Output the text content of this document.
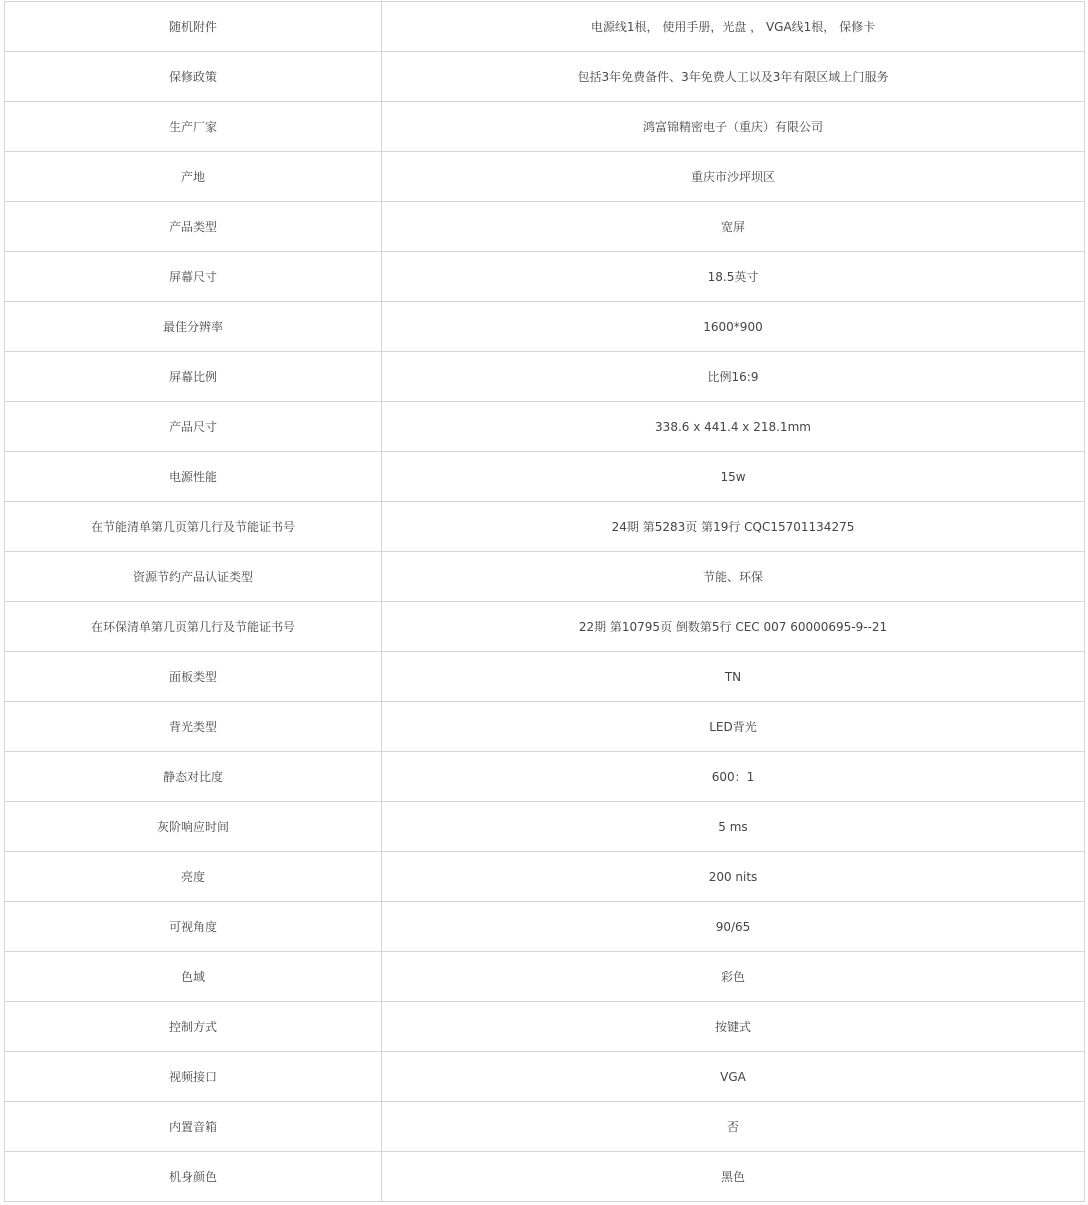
随机附件	电源线1根， 使用手册，光盘 ， VGA线1根， 保修卡
保修政策	包括3年免费备件、3年免费人工以及3年有限区域上门服务
生产厂家	鸿富锦精密电子（重庆）有限公司
产地	重庆市沙坪坝区
产品类型	宽屏
屏幕尺寸	18.5英寸
最佳分辨率	1600*900
屏幕比例	比例16:9
产品尺寸	338.6 x 441.4 x 218.1mm
电源性能	15w
在节能清单第几页第几行及节能证书号	24期 第5283页 第19行 CQC15701134275
资源节约产品认证类型	节能、环保
在环保清单第几页第几行及节能证书号	22期 第10795页 倒数第5行 CEC 007 60000695-9--21
面板类型	TN
背光类型	LED背光
静态对比度	600：1
灰阶响应时间	5 ms
亮度	200 nits
可视角度	90/65
色域	彩色
控制方式	按键式
视频接口	VGA
内置音箱	否
机身颜色	黑色
